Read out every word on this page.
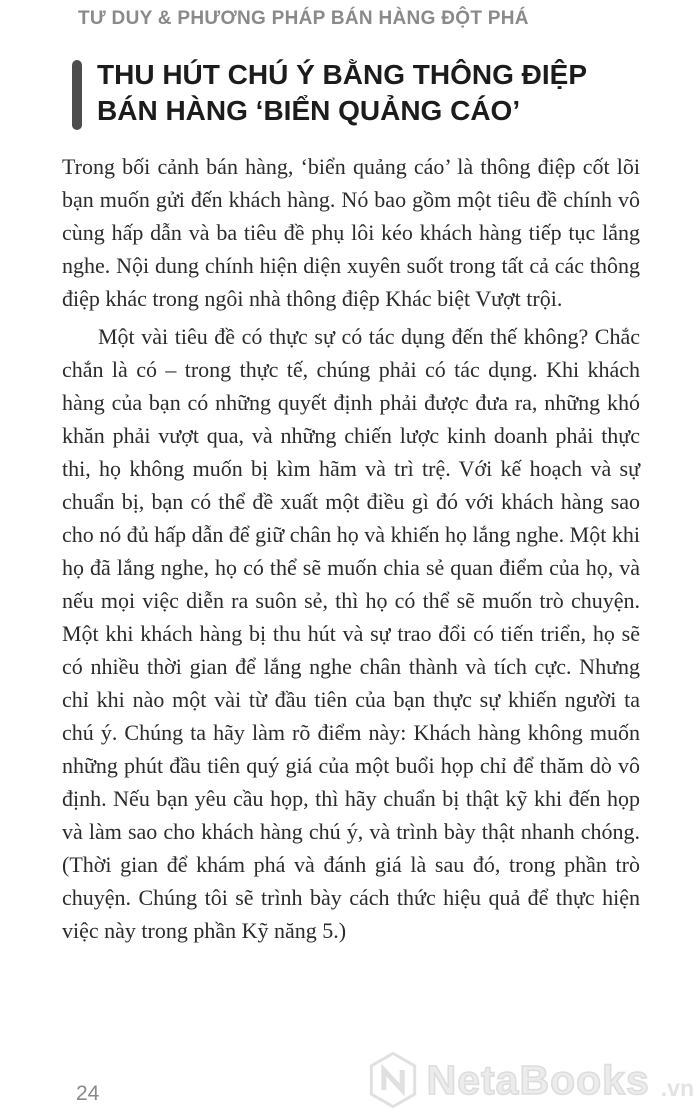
TƯ DUY & PHƯƠNG PHÁP BÁN HÀNG ĐỘT PHÁ
THU HÚT CHÚ Ý BẰNG THÔNG ĐIỆP
BÁN HÀNG ‘BIỂN QUẢNG CÁO’

Trong bối cảnh bán hàng, ‘biển quảng cáo’ là thông điệp cốt lõi bạn muốn gửi đến khách hàng. Nó bao gồm một tiêu đề chính vô cùng hấp dẫn và ba tiêu đề phụ lôi kéo khách hàng tiếp tục lắng nghe. Nội dung chính hiện diện xuyên suốt trong tất cả các thông điệp khác trong ngôi nhà thông điệp Khác biệt Vượt trội.

Một vài tiêu đề có thực sự có tác dụng đến thế không? Chắc chắn là có – trong thực tế, chúng phải có tác dụng. Khi khách hàng của bạn có những quyết định phải được đưa ra, những khó khăn phải vượt qua, và những chiến lược kinh doanh phải thực thi, họ không muốn bị kìm hãm và trì trệ. Với kế hoạch và sự chuẩn bị, bạn có thể đề xuất một điều gì đó với khách hàng sao cho nó đủ hấp dẫn để giữ chân họ và khiến họ lắng nghe. Một khi họ đã lắng nghe, họ có thể sẽ muốn chia sẻ quan điểm của họ, và nếu mọi việc diễn ra suôn sẻ, thì họ có thể sẽ muốn trò chuyện. Một khi khách hàng bị thu hút và sự trao đổi có tiến triển, họ sẽ có nhiều thời gian để lắng nghe chân thành và tích cực. Nhưng chỉ khi nào một vài từ đầu tiên của bạn thực sự khiến người ta chú ý. Chúng ta hãy làm rõ điểm này: Khách hàng không muốn những phút đầu tiên quý giá của một buổi họp chỉ để thăm dò vô định. Nếu bạn yêu cầu họp, thì hãy chuẩn bị thật kỹ khi đến họp và làm sao cho khách hàng chú ý, và trình bày thật nhanh chóng. (Thời gian để khám phá và đánh giá là sau đó, trong phần trò chuyện. Chúng tôi sẽ trình bày cách thức hiệu quả để thực hiện việc này trong phần Kỹ năng 5.)

24	NetaBooks .vn
